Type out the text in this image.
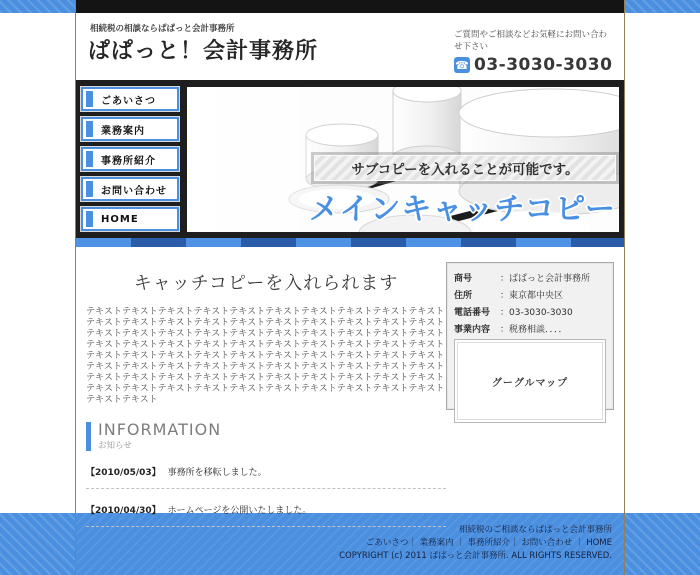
相続税の相談ならぱぱっと会計事務所
ぱぱっと！会計事務所
ご質問やご相談などお気軽にお問い合わせ下さい
☎ 03-3030-3030
ごあいさつ
業務案内
事務所紹介
お問い合わせ
HOME
サブコピーを入れることが可能です。
メインキャッチコピー
キャッチコピーを入れられます
テキストテキストテキストテキストテキストテキストテキストテキストテキストテキストテキストテキストテキストテキストテキストテキストテキストテキストテキストテキストテキストテキストテキストテキストテキストテキストテキストテキストテキストテキストテキストテキストテキストテキストテキストテキストテキストテキストテキストテキストテキストテキストテキストテキストテキストテキストテキストテキストテキストテキストテキストテキストテキストテキストテキストテキストテキストテキストテキストテキストテキストテキストテキストテキストテキストテキストテキストテキストテキストテキストテキストテキストテキストテキストテキストテキストテキストテキストテキストテキストテキストテキスト
INFORMATION
お知らせ
【2010/05/03】 事務所を移転しました。
【2010/04/30】 ホームページを公開いたしました。
商号	：ぱぱっと会計事務所
住所	：東京都中央区
電話番号	：03-3030-3030
事業内容	：税務相談．．．．
グーグルマップ
相続税のご相談ならぱぱっと会計事務所
ごあいさつ｜ 業務案内 ｜ 事務所紹介｜ お問い合わせ ｜ HOME
COPYRIGHT (c) 2011 ぱぱっと会計事務所. ALL RIGHTS RESERVED.
